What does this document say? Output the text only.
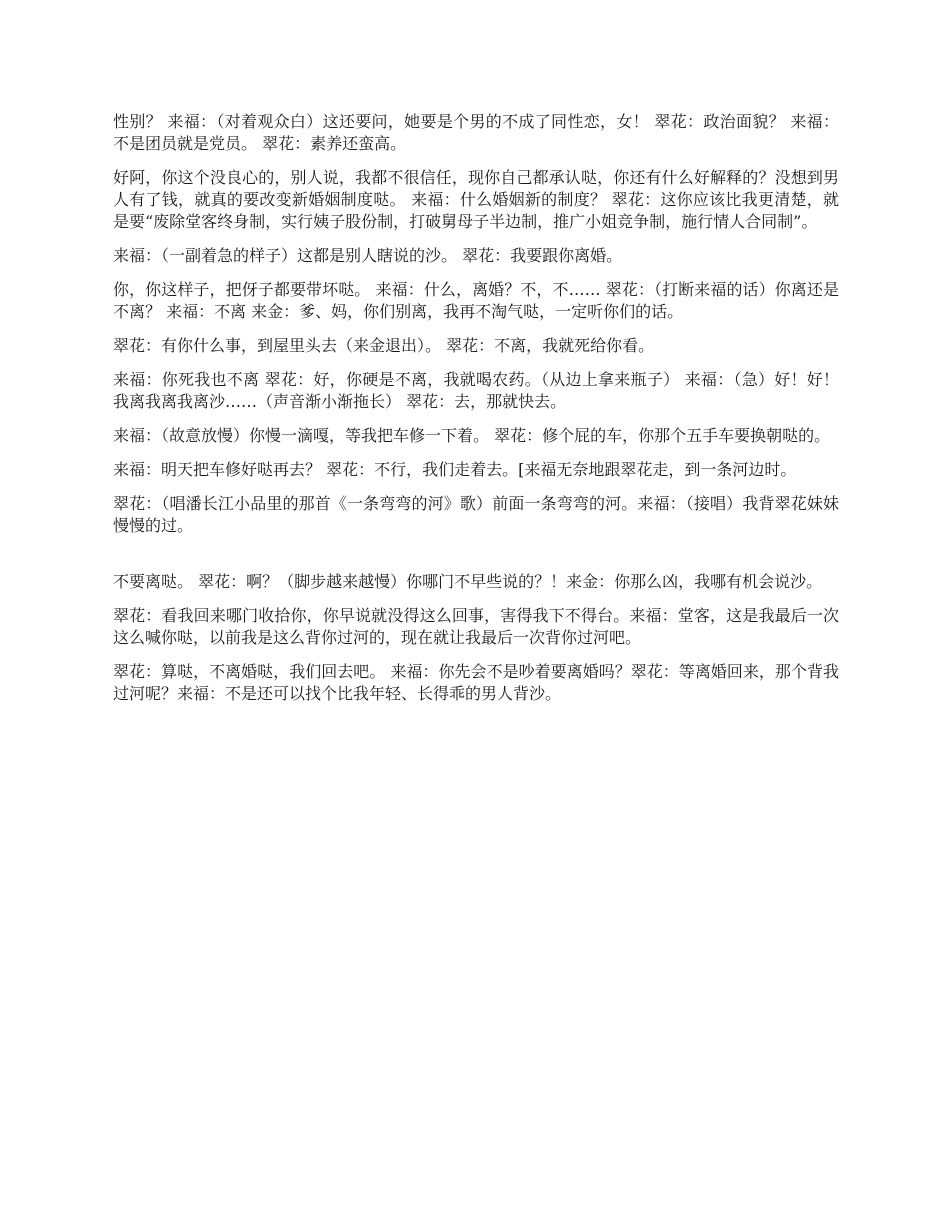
性别？ 来福：（对着观众白）这还要问，她要是个男的不成了同性恋，女！ 翠花：政治面貌？ 来福：不是团员就是党员。 翠花：素养还蛮高。

好阿，你这个没良心的，别人说，我都不很信任，现你自己都承认哒，你还有什么好解释的？没想到男人有了钱，就真的要改变新婚姻制度哒。 来福：什么婚姻新的制度？ 翠花：这你应该比我更清楚，就是要“废除堂客终身制，实行姨子股份制，打破舅母子半边制，推广小姐竞争制，施行情人合同制”。

来福：（一副着急的样子）这都是别人瞎说的沙。 翠花：我要跟你离婚。

你，你这样子，把伢子都要带坏哒。 来福：什么，离婚？不，不…… 翠花：（打断来福的话）你离还是不离？ 来福：不离 来金：爹、妈，你们别离，我再不淘气哒，一定听你们的话。

翠花：有你什么事，到屋里头去（来金退出）。 翠花：不离，我就死给你看。

来福：你死我也不离 翠花：好，你硬是不离，我就喝农药。（从边上拿来瓶子） 来福：（急）好！好！我离我离我离沙……（声音渐小渐拖长） 翠花：去，那就快去。

来福：（故意放慢）你慢一滴嘎，等我把车修一下着。 翠花：修个屁的车，你那个五手车要换朝哒的。

来福：明天把车修好哒再去？ 翠花：不行，我们走着去。[来福无奈地跟翠花走，到一条河边时。

翠花：（唱潘长江小品里的那首《一条弯弯的河》歌）前面一条弯弯的河。来福：（接唱）我背翠花妹妹慢慢的过。

不要离哒。 翠花：啊？（脚步越来越慢）你哪门不早些说的？！来金：你那么凶，我哪有机会说沙。

翠花：看我回来哪门收拾你，你早说就没得这么回事，害得我下不得台。来福：堂客，这是我最后一次这么喊你哒，以前我是这么背你过河的，现在就让我最后一次背你过河吧。

翠花：算哒，不离婚哒，我们回去吧。 来福：你先会不是吵着要离婚吗？翠花：等离婚回来，那个背我过河呢？来福：不是还可以找个比我年轻、长得乖的男人背沙。
